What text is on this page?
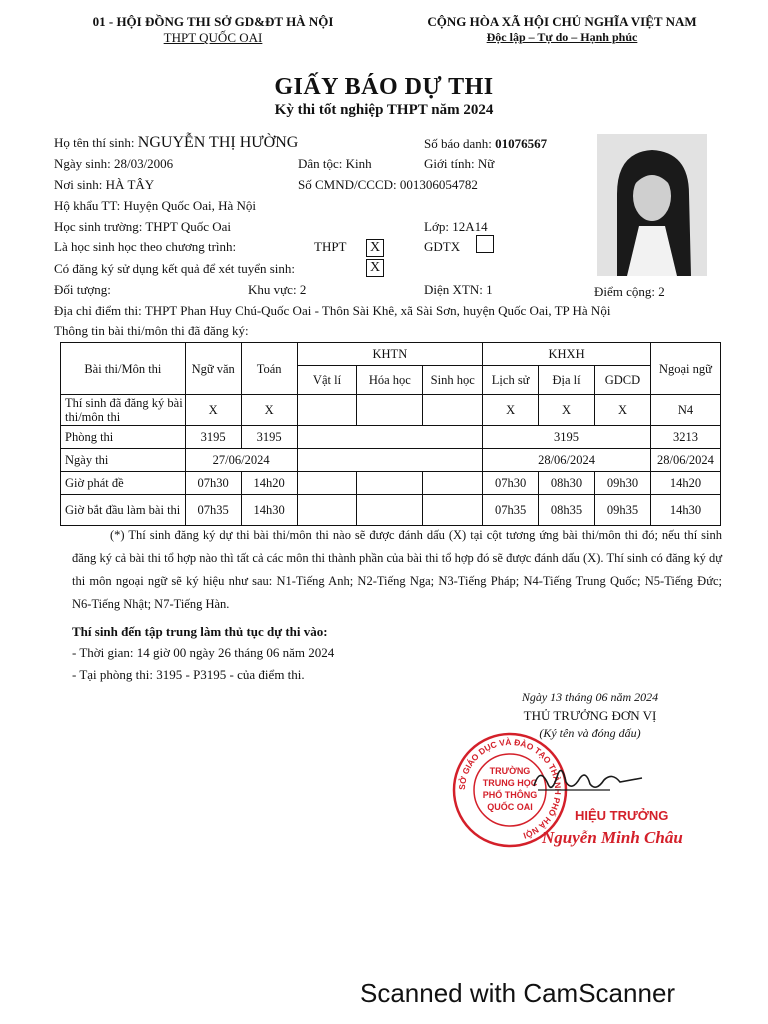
01 - HỘI ĐỒNG THI SỞ GD&ĐT HÀ NỘI
THPT QUỐC OAI
CỘNG HÒA XÃ HỘI CHỦ NGHĨA VIỆT NAM
Độc lập – Tự do – Hạnh phúc
GIẤY BÁO DỰ THI
Kỳ thi tốt nghiệp THPT năm 2024
Họ tên thí sinh: NGUYỄN THỊ HƯỜNG	Số báo danh: 01076567
Ngày sinh: 28/03/2006	Dân tộc: Kinh	Giới tính: Nữ
Nơi sinh: HÀ TÂY	Số CMND/CCCD: 001306054782
Hộ khẩu TT: Huyện Quốc Oai, Hà Nội
Học sinh trường: THPT Quốc Oai	Lớp: 12A14
Là học sinh học theo chương trình:	THPT X	GDTX
Có đăng ký sử dụng kết quả để xét tuyển sinh:	X
Đối tượng:	Khu vực: 2	Diện XTN: 1	Điểm cộng: 2
Địa chỉ điểm thi: THPT Phan Huy Chú-Quốc Oai - Thôn Sài Khê, xã Sài Sơn, huyện Quốc Oai, TP Hà Nội
Thông tin bài thi/môn thi đã đăng ký:
Bài thi/Môn thi	Ngữ văn	Toán	KHTN			KHXH			Ngoại ngữ
			Vật lí	Hóa học	Sinh học	Lịch sử	Địa lí	GDCD	
Thí sinh đã đăng ký bài thi/môn thi	X	X				X	X	X	N4
Phòng thi	3195	3195				3195			3213
Ngày thi	27/06/2024					28/06/2024			28/06/2024
Giờ phát đề	07h30	14h20				07h30	08h30	09h30	14h20
Giờ bắt đầu làm bài thi	07h35	14h30				07h35	08h35	09h35	14h30
(*) Thí sinh đăng ký dự thi bài thi/môn thi nào sẽ được đánh dấu (X) tại cột tương ứng bài thi/môn thi đó; nếu thí sinh đăng ký cả bài thi tổ hợp nào thì tất cả các môn thi thành phần của bài thi tổ hợp đó sẽ được đánh dấu (X). Thí sinh có đăng ký dự thi môn ngoại ngữ sẽ ký hiệu như sau: N1-Tiếng Anh; N2-Tiếng Nga; N3-Tiếng Pháp; N4-Tiếng Trung Quốc; N5-Tiếng Đức; N6-Tiếng Nhật; N7-Tiếng Hàn.
Thí sinh đến tập trung làm thủ tục dự thi vào:
- Thời gian: 14 giờ 00 ngày 26 tháng 06 năm 2024
- Tại phòng thi: 3195 - P3195 - của điểm thi.
Ngày 13 tháng 06 năm 2024
THỦ TRƯỞNG ĐƠN VỊ
(Ký tên và đóng dấu)
SỞ GIÁO DỤC VÀ ĐÀO TẠO THÀNH PHỐ HÀ NỘI
TRƯỜNG
TRUNG HỌC
PHỔ THÔNG
QUỐC OAI
HIỆU TRƯỞNG
Nguyễn Minh Châu
Scanned with CamScanner
